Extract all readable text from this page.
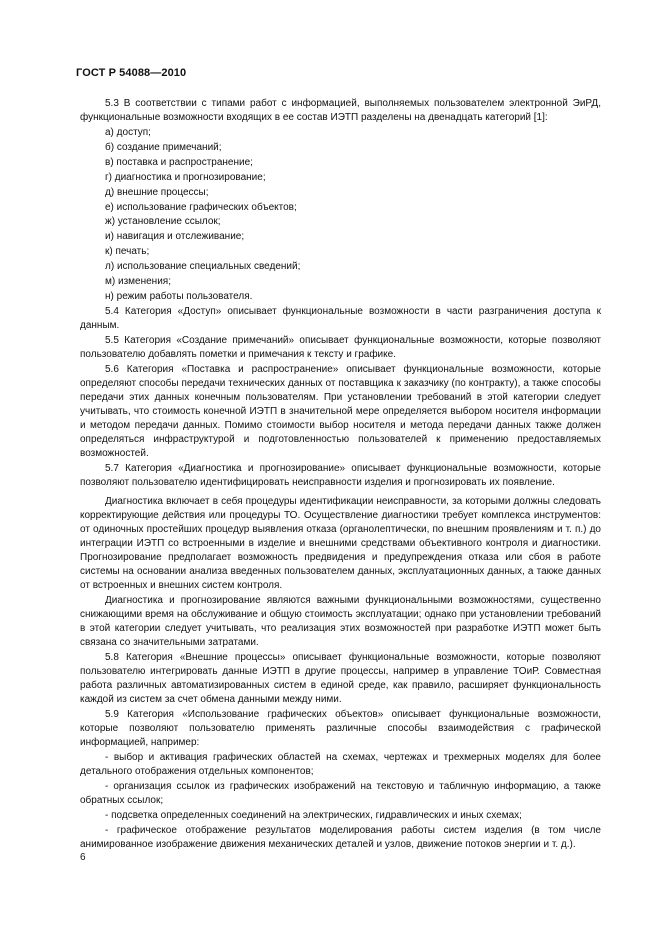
ГОСТ Р 54088—2010
5.3 В соответствии с типами работ с информацией, выполняемых пользователем электронной ЭиРД, функциональные возможности входящих в ее состав ИЭТП разделены на двенадцать категорий [1]:
а) доступ;
б) создание примечаний;
в) поставка и распространение;
г) диагностика и прогнозирование;
д) внешние процессы;
е) использование графических объектов;
ж) установление ссылок;
и) навигация и отслеживание;
к) печать;
л) использование специальных сведений;
м) изменения;
н) режим работы пользователя.
5.4 Категория «Доступ» описывает функциональные возможности в части разграничения доступа к данным.
5.5 Категория «Создание примечаний» описывает функциональные возможности, которые позволяют пользователю добавлять пометки и примечания к тексту и графике.
5.6 Категория «Поставка и распространение» описывает функциональные возможности, которые определяют способы передачи технических данных от поставщика к заказчику (по контракту), а также способы передачи этих данных конечным пользователям. При установлении требований в этой категории следует учитывать, что стоимость конечной ИЭТП в значительной мере определяется выбором носителя информации и методом передачи данных. Помимо стоимости выбор носителя и метода передачи данных также должен определяться инфраструктурой и подготовленностью пользователей к применению предоставляемых возможностей.
5.7 Категория «Диагностика и прогнозирование» описывает функциональные возможности, которые позволяют пользователю идентифицировать неисправности изделия и прогнозировать их появление.
Диагностика включает в себя процедуры идентификации неисправности, за которыми должны следовать корректирующие действия или процедуры ТО. Осуществление диагностики требует комплекса инструментов: от одиночных простейших процедур выявления отказа (органолептически, по внешним проявлениям и т. п.) до интеграции ИЭТП со встроенными в изделие и внешними средствами объективного контроля и диагностики. Прогнозирование предполагает возможность предвидения и предупреждения отказа или сбоя в работе системы на основании анализа введенных пользователем данных, эксплуатационных данных, а также данных от встроенных и внешних систем контроля.
Диагностика и прогнозирование являются важными функциональными возможностями, существенно снижающими время на обслуживание и общую стоимость эксплуатации; однако при установлении требований в этой категории следует учитывать, что реализация этих возможностей при разработке ИЭТП может быть связана со значительными затратами.
5.8 Категория «Внешние процессы» описывает функциональные возможности, которые позволяют пользователю интегрировать данные ИЭТП в другие процессы, например в управление ТОиР. Совместная работа различных автоматизированных систем в единой среде, как правило, расширяет функциональность каждой из систем за счет обмена данными между ними.
5.9 Категория «Использование графических объектов» описывает функциональные возможности, которые позволяют пользователю применять различные способы взаимодействия с графической информацией, например:
- выбор и активация графических областей на схемах, чертежах и трехмерных моделях для более детального отображения отдельных компонентов;
- организация ссылок из графических изображений на текстовую и табличную информацию, а также обратных ссылок;
- подсветка определенных соединений на электрических, гидравлических и иных схемах;
- графическое отображение результатов моделирования работы систем изделия (в том числе анимированное изображение движения механических деталей и узлов, движение потоков энергии и т. д.).
6
